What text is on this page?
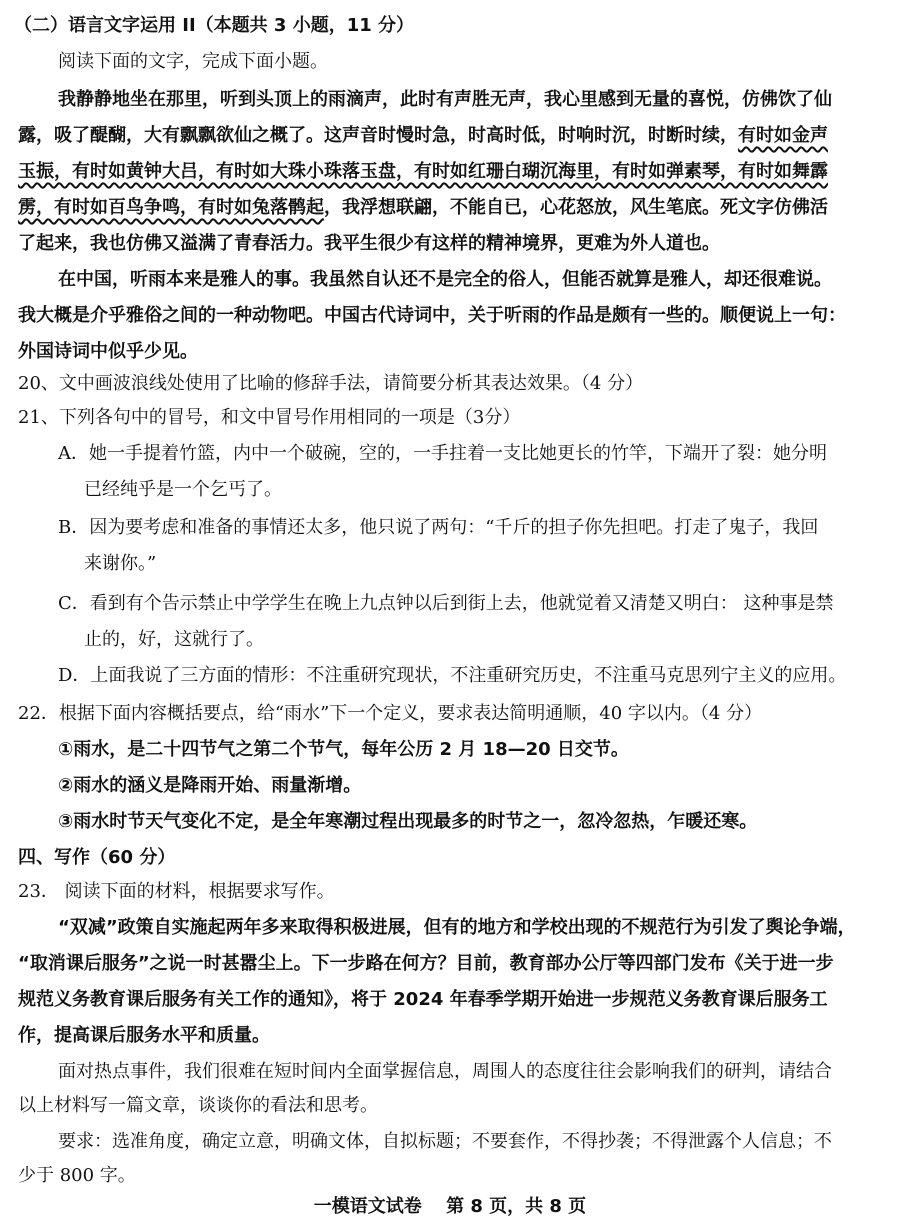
（二）语言文字运用 II（本题共 3 小题，11 分）
阅读下面的文字，完成下面小题。
我静静地坐在那里，听到头顶上的雨滴声，此时有声胜无声，我心里感到无量的喜悦，仿佛饮了仙
露，吸了醍醐，大有飘飘欲仙之概了。这声音时慢时急，时高时低，时响时沉，时断时续，有时如金声
玉振，有时如黄钟大吕，有时如大珠小珠落玉盘，有时如红珊白瑚沉海里，有时如弹素琴，有时如舞霹
雳，有时如百鸟争鸣，有时如兔落鹘起，我浮想联翩，不能自已，心花怒放，风生笔底。死文字仿佛活
了起来，我也仿佛又溢满了青春活力。我平生很少有这样的精神境界，更难为外人道也。
在中国，听雨本来是雅人的事。我虽然自认还不是完全的俗人，但能否就算是雅人，却还很难说。
我大概是介乎雅俗之间的一种动物吧。中国古代诗词中，关于听雨的作品是颇有一些的。顺便说上一句：
外国诗词中似乎少见。
20、文中画波浪线处使用了比喻的修辞手法，请简要分析其表达效果。（4 分）
21、下列各句中的冒号，和文中冒号作用相同的一项是（3分）
A．她一手提着竹篮，内中一个破碗，空的，一手拄着一支比她更长的竹竿，下端开了裂：她分明
已经纯乎是一个乞丐了。
B．因为要考虑和准备的事情还太多，他只说了两句：“千斤的担子你先担吧。打走了鬼子，我回
来谢你。”
C．看到有个告示禁止中学学生在晚上九点钟以后到街上去，他就觉着又清楚又明白： 这种事是禁
止的，好，这就行了。
D．上面我说了三方面的情形：不注重研究现状，不注重研究历史，不注重马克思列宁主义的应用。
22．根据下面内容概括要点，给“雨水”下一个定义，要求表达简明通顺，40 字以内。（4 分）
①雨水，是二十四节气之第二个节气，每年公历 2 月 18—20 日交节。
②雨水的涵义是降雨开始、雨量渐增。
③雨水时节天气变化不定，是全年寒潮过程出现最多的时节之一，忽冷忽热，乍暖还寒。
四、写作（60 分）
23． 阅读下面的材料，根据要求写作。
“双减”政策自实施起两年多来取得积极进展，但有的地方和学校出现的不规范行为引发了舆论争端，
“取消课后服务”之说一时甚嚣尘上。下一步路在何方？目前，教育部办公厅等四部门发布《关于进一步
规范义务教育课后服务有关工作的通知》，将于 2024 年春季学期开始进一步规范义务教育课后服务工
作，提高课后服务水平和质量。
面对热点事件，我们很难在短时间内全面掌握信息，周围人的态度往往会影响我们的研判，请结合
以上材料写一篇文章，谈谈你的看法和思考。
要求：选准角度，确定立意，明确文体，自拟标题；不要套作，不得抄袭；不得泄露个人信息；不
少于 800 字。
一模语文试卷　 第 8 页，共 8 页
